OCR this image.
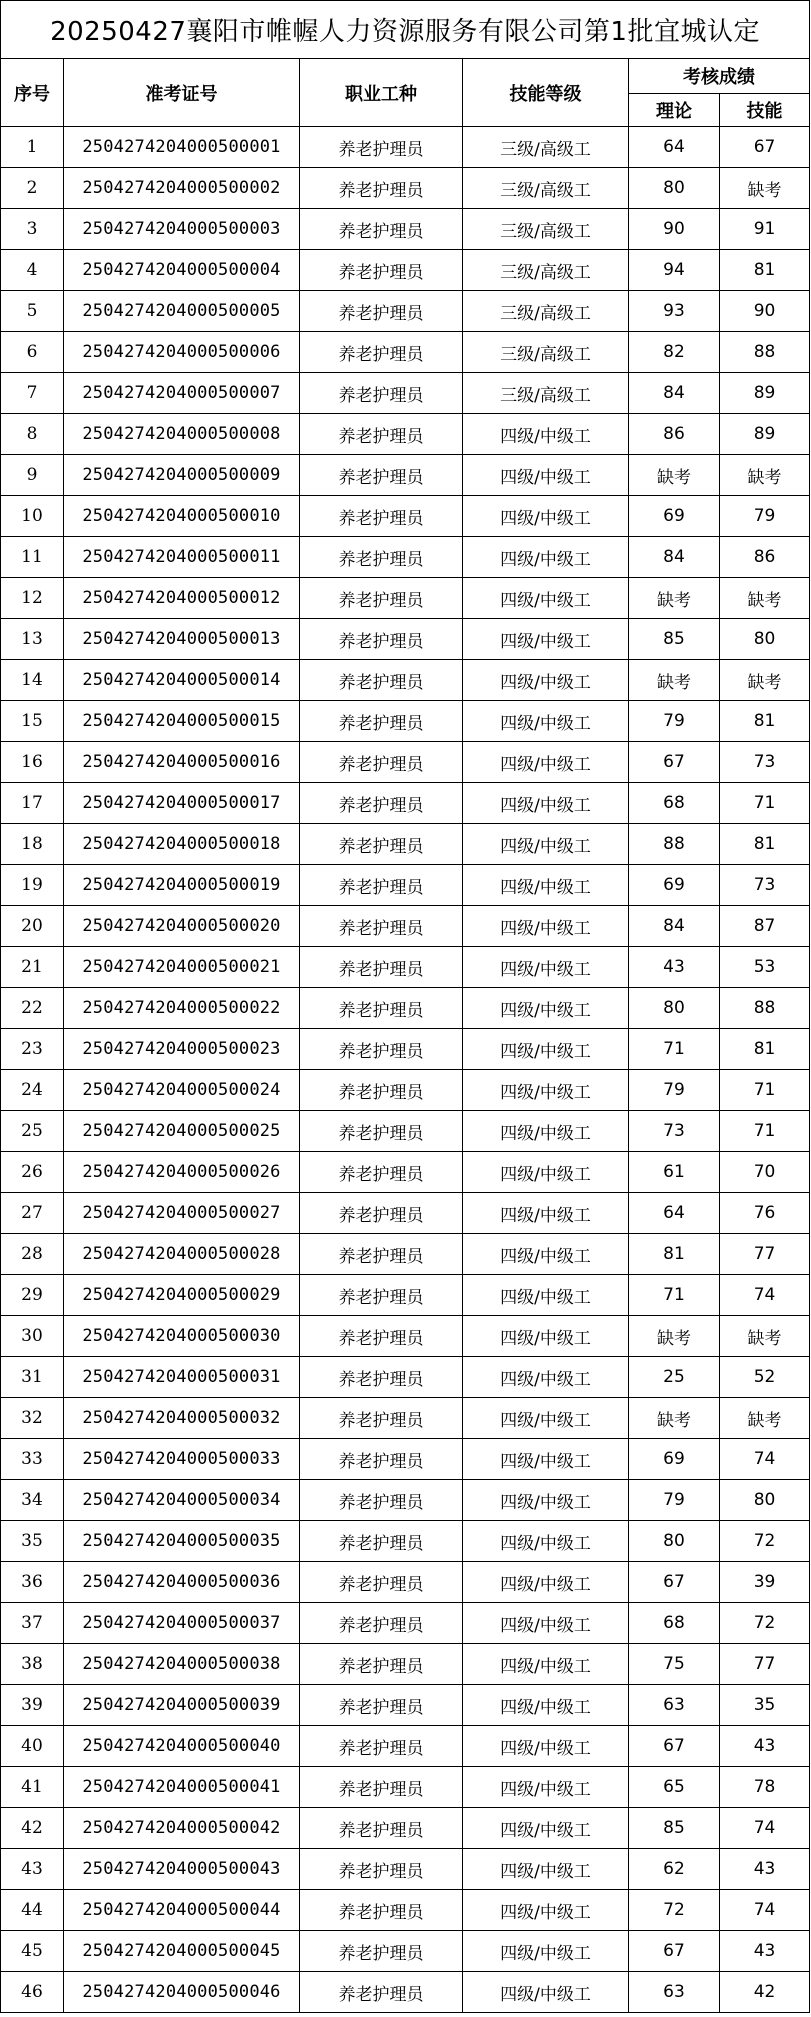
20250427襄阳市帷幄人力资源服务有限公司第1批宜城认定					
序号	准考证号	职业工种	技能等级	考核成绩	
				理论	技能
1	2504274204000500001	养老护理员	三级/高级工	64	67
2	2504274204000500002	养老护理员	三级/高级工	80	缺考
3	2504274204000500003	养老护理员	三级/高级工	90	91
4	2504274204000500004	养老护理员	三级/高级工	94	81
5	2504274204000500005	养老护理员	三级/高级工	93	90
6	2504274204000500006	养老护理员	三级/高级工	82	88
7	2504274204000500007	养老护理员	三级/高级工	84	89
8	2504274204000500008	养老护理员	四级/中级工	86	89
9	2504274204000500009	养老护理员	四级/中级工	缺考	缺考
10	2504274204000500010	养老护理员	四级/中级工	69	79
11	2504274204000500011	养老护理员	四级/中级工	84	86
12	2504274204000500012	养老护理员	四级/中级工	缺考	缺考
13	2504274204000500013	养老护理员	四级/中级工	85	80
14	2504274204000500014	养老护理员	四级/中级工	缺考	缺考
15	2504274204000500015	养老护理员	四级/中级工	79	81
16	2504274204000500016	养老护理员	四级/中级工	67	73
17	2504274204000500017	养老护理员	四级/中级工	68	71
18	2504274204000500018	养老护理员	四级/中级工	88	81
19	2504274204000500019	养老护理员	四级/中级工	69	73
20	2504274204000500020	养老护理员	四级/中级工	84	87
21	2504274204000500021	养老护理员	四级/中级工	43	53
22	2504274204000500022	养老护理员	四级/中级工	80	88
23	2504274204000500023	养老护理员	四级/中级工	71	81
24	2504274204000500024	养老护理员	四级/中级工	79	71
25	2504274204000500025	养老护理员	四级/中级工	73	71
26	2504274204000500026	养老护理员	四级/中级工	61	70
27	2504274204000500027	养老护理员	四级/中级工	64	76
28	2504274204000500028	养老护理员	四级/中级工	81	77
29	2504274204000500029	养老护理员	四级/中级工	71	74
30	2504274204000500030	养老护理员	四级/中级工	缺考	缺考
31	2504274204000500031	养老护理员	四级/中级工	25	52
32	2504274204000500032	养老护理员	四级/中级工	缺考	缺考
33	2504274204000500033	养老护理员	四级/中级工	69	74
34	2504274204000500034	养老护理员	四级/中级工	79	80
35	2504274204000500035	养老护理员	四级/中级工	80	72
36	2504274204000500036	养老护理员	四级/中级工	67	39
37	2504274204000500037	养老护理员	四级/中级工	68	72
38	2504274204000500038	养老护理员	四级/中级工	75	77
39	2504274204000500039	养老护理员	四级/中级工	63	35
40	2504274204000500040	养老护理员	四级/中级工	67	43
41	2504274204000500041	养老护理员	四级/中级工	65	78
42	2504274204000500042	养老护理员	四级/中级工	85	74
43	2504274204000500043	养老护理员	四级/中级工	62	43
44	2504274204000500044	养老护理员	四级/中级工	72	74
45	2504274204000500045	养老护理员	四级/中级工	67	43
46	2504274204000500046	养老护理员	四级/中级工	63	42
